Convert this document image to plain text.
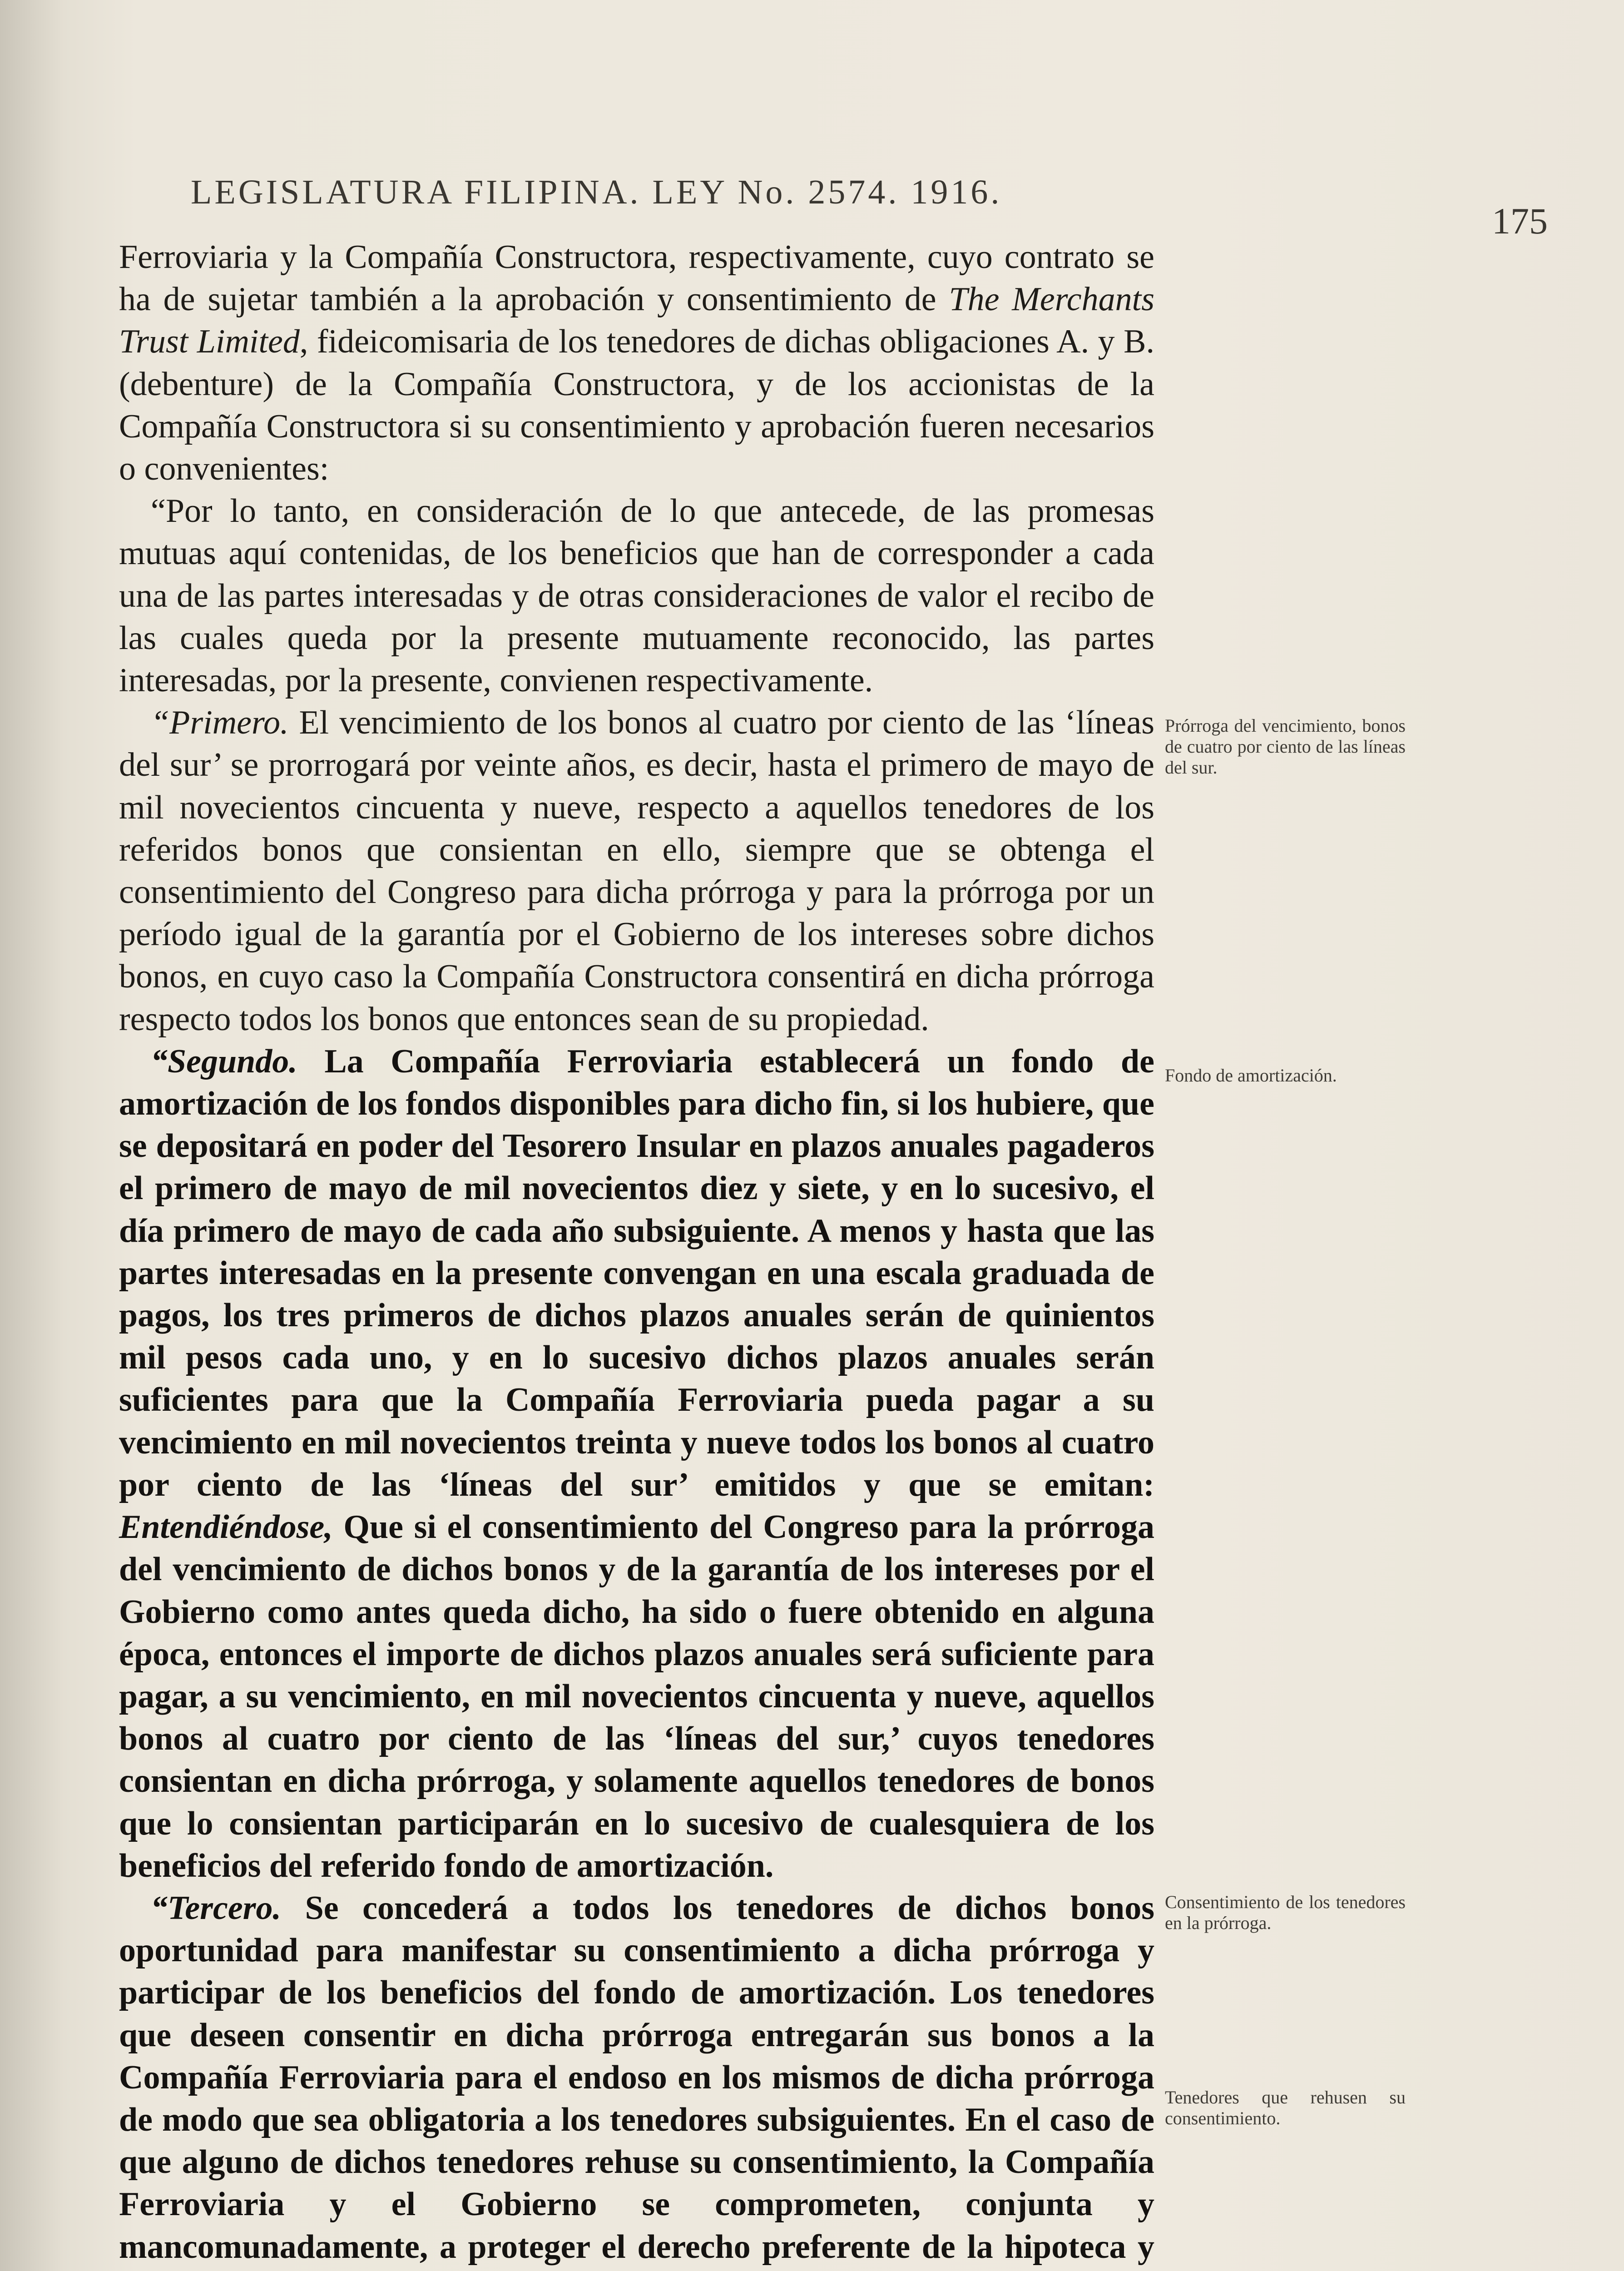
LEGISLATURA FILIPINA. LEY No. 2574. 1916.
175

Ferroviaria y la Compañía Constructora, respectivamente, cuyo contrato se ha de sujetar también a la aprobación y consentimiento de The Merchants Trust Limited, fideicomisaria de los tenedores de dichas obligaciones A. y B. (debenture) de la Compañía Constructora, y de los accionistas de la Compañía Constructora si su consentimiento y aprobación fueren necesarios o convenientes:

“Por lo tanto, en consideración de lo que antecede, de las promesas mutuas aquí contenidas, de los beneficios que han de corresponder a cada una de las partes interesadas y de otras consideraciones de valor el recibo de las cuales queda por la presente mutuamente reconocido, las partes interesadas, por la presente, convienen respectivamente.

“Primero. El vencimiento de los bonos al cuatro por ciento de las ‘líneas del sur’ se prorrogará por veinte años, es decir, hasta el primero de mayo de mil novecientos cincuenta y nueve, respecto a aquellos tenedores de los referidos bonos que consientan en ello, siempre que se obtenga el consentimiento del Congreso para dicha prórroga y para la prórroga por un período igual de la garantía por el Gobierno de los intereses sobre dichos bonos, en cuyo caso la Compañía Constructora consentirá en dicha prórroga respecto todos los bonos que entonces sean de su propiedad.

“Segundo. La Compañía Ferroviaria establecerá un fondo de amortización de los fondos disponibles para dicho fin, si los hubiere, que se depositará en poder del Tesorero Insular en plazos anuales pagaderos el primero de mayo de mil novecientos diez y siete, y en lo sucesivo, el día primero de mayo de cada año subsiguiente. A menos y hasta que las partes interesadas en la presente convengan en una escala graduada de pagos, los tres primeros de dichos plazos anuales serán de quinientos mil pesos cada uno, y en lo sucesivo dichos plazos anuales serán suficientes para que la Compañía Ferroviaria pueda pagar a su vencimiento en mil novecientos treinta y nueve todos los bonos al cuatro por ciento de las ‘líneas del sur’ emitidos y que se emitan: Entendiéndose, Que si el consentimiento del Congreso para la prórroga del vencimiento de dichos bonos y de la garantía de los intereses por el Gobierno como antes queda dicho, ha sido o fuere obtenido en alguna época, entonces el importe de dichos plazos anuales será suficiente para pagar, a su vencimiento, en mil novecientos cincuenta y nueve, aquellos bonos al cuatro por ciento de las ‘líneas del sur,’ cuyos tenedores consientan en dicha prórroga, y solamente aquellos tenedores de bonos que lo consientan participarán en lo sucesivo de cualesquiera de los beneficios del referido fondo de amortización.

“Tercero. Se concederá a todos los tenedores de dichos bonos oportunidad para manifestar su consentimiento a dicha prórroga y participar de los beneficios del fondo de amortización. Los tenedores que deseen consentir en dicha prórroga entregarán sus bonos a la Compañía Ferroviaria para el endoso en los mismos de dicha prórroga de modo que sea obligatoria a los tenedores subsiguientes. En el caso de que alguno de dichos tenedores rehuse su consentimiento, la Compañía Ferroviaria y el Gobierno se comprometen, conjunta y mancomunadamente, a proteger el derecho preferente de la hipoteca y

Prórroga del vencimiento, bonos de cuatro por ciento de las líneas del sur.
Fondo de amortización.
Consentimiento de los tenedores en la prórroga.
Tenedores que rehusen su consentimiento.
